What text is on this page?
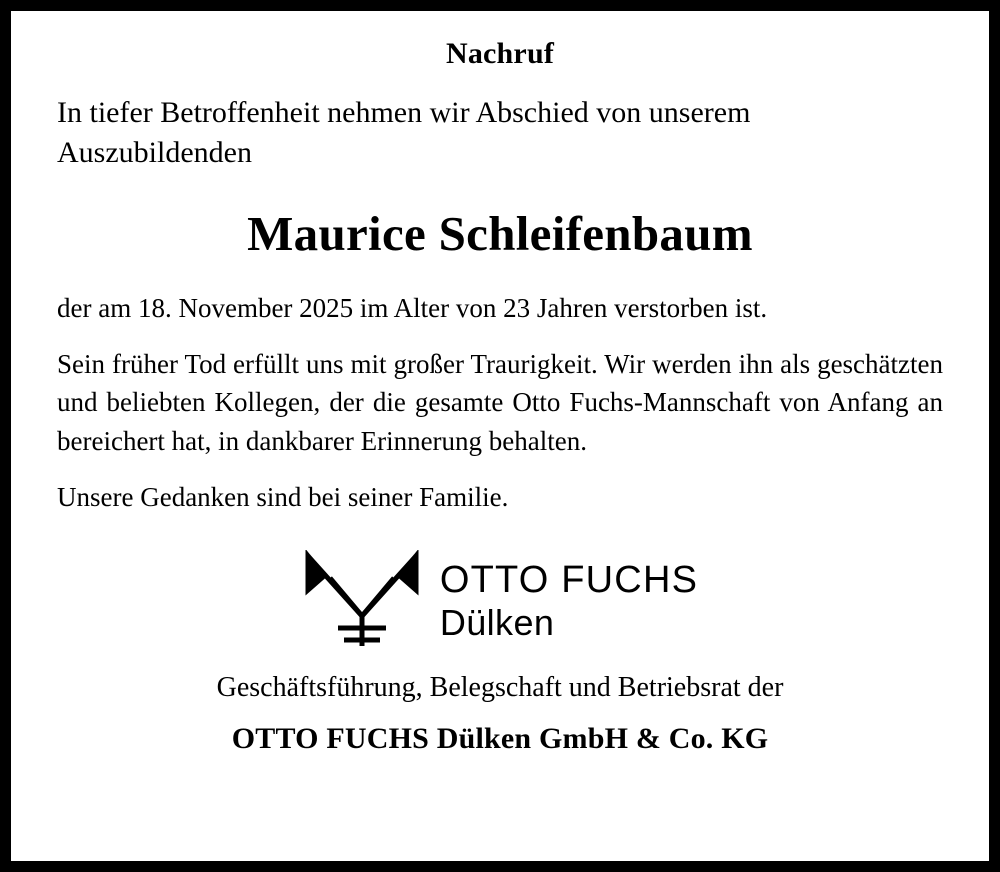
Nachruf
In tiefer Betroffenheit nehmen wir Abschied von unserem Auszubildenden
Maurice Schleifenbaum
der am 18. November 2025 im Alter von 23 Jahren verstorben ist.
Sein früher Tod erfüllt uns mit großer Traurigkeit. Wir werden ihn als geschätzten und beliebten Kollegen, der die gesamte Otto Fuchs-Mannschaft von Anfang an bereichert hat, in dankbarer Erinnerung behalten.
Unsere Gedanken sind bei seiner Familie.
OTTO FUCHS
Dülken
Geschäftsführung, Belegschaft und Betriebsrat der
OTTO FUCHS Dülken GmbH & Co. KG
